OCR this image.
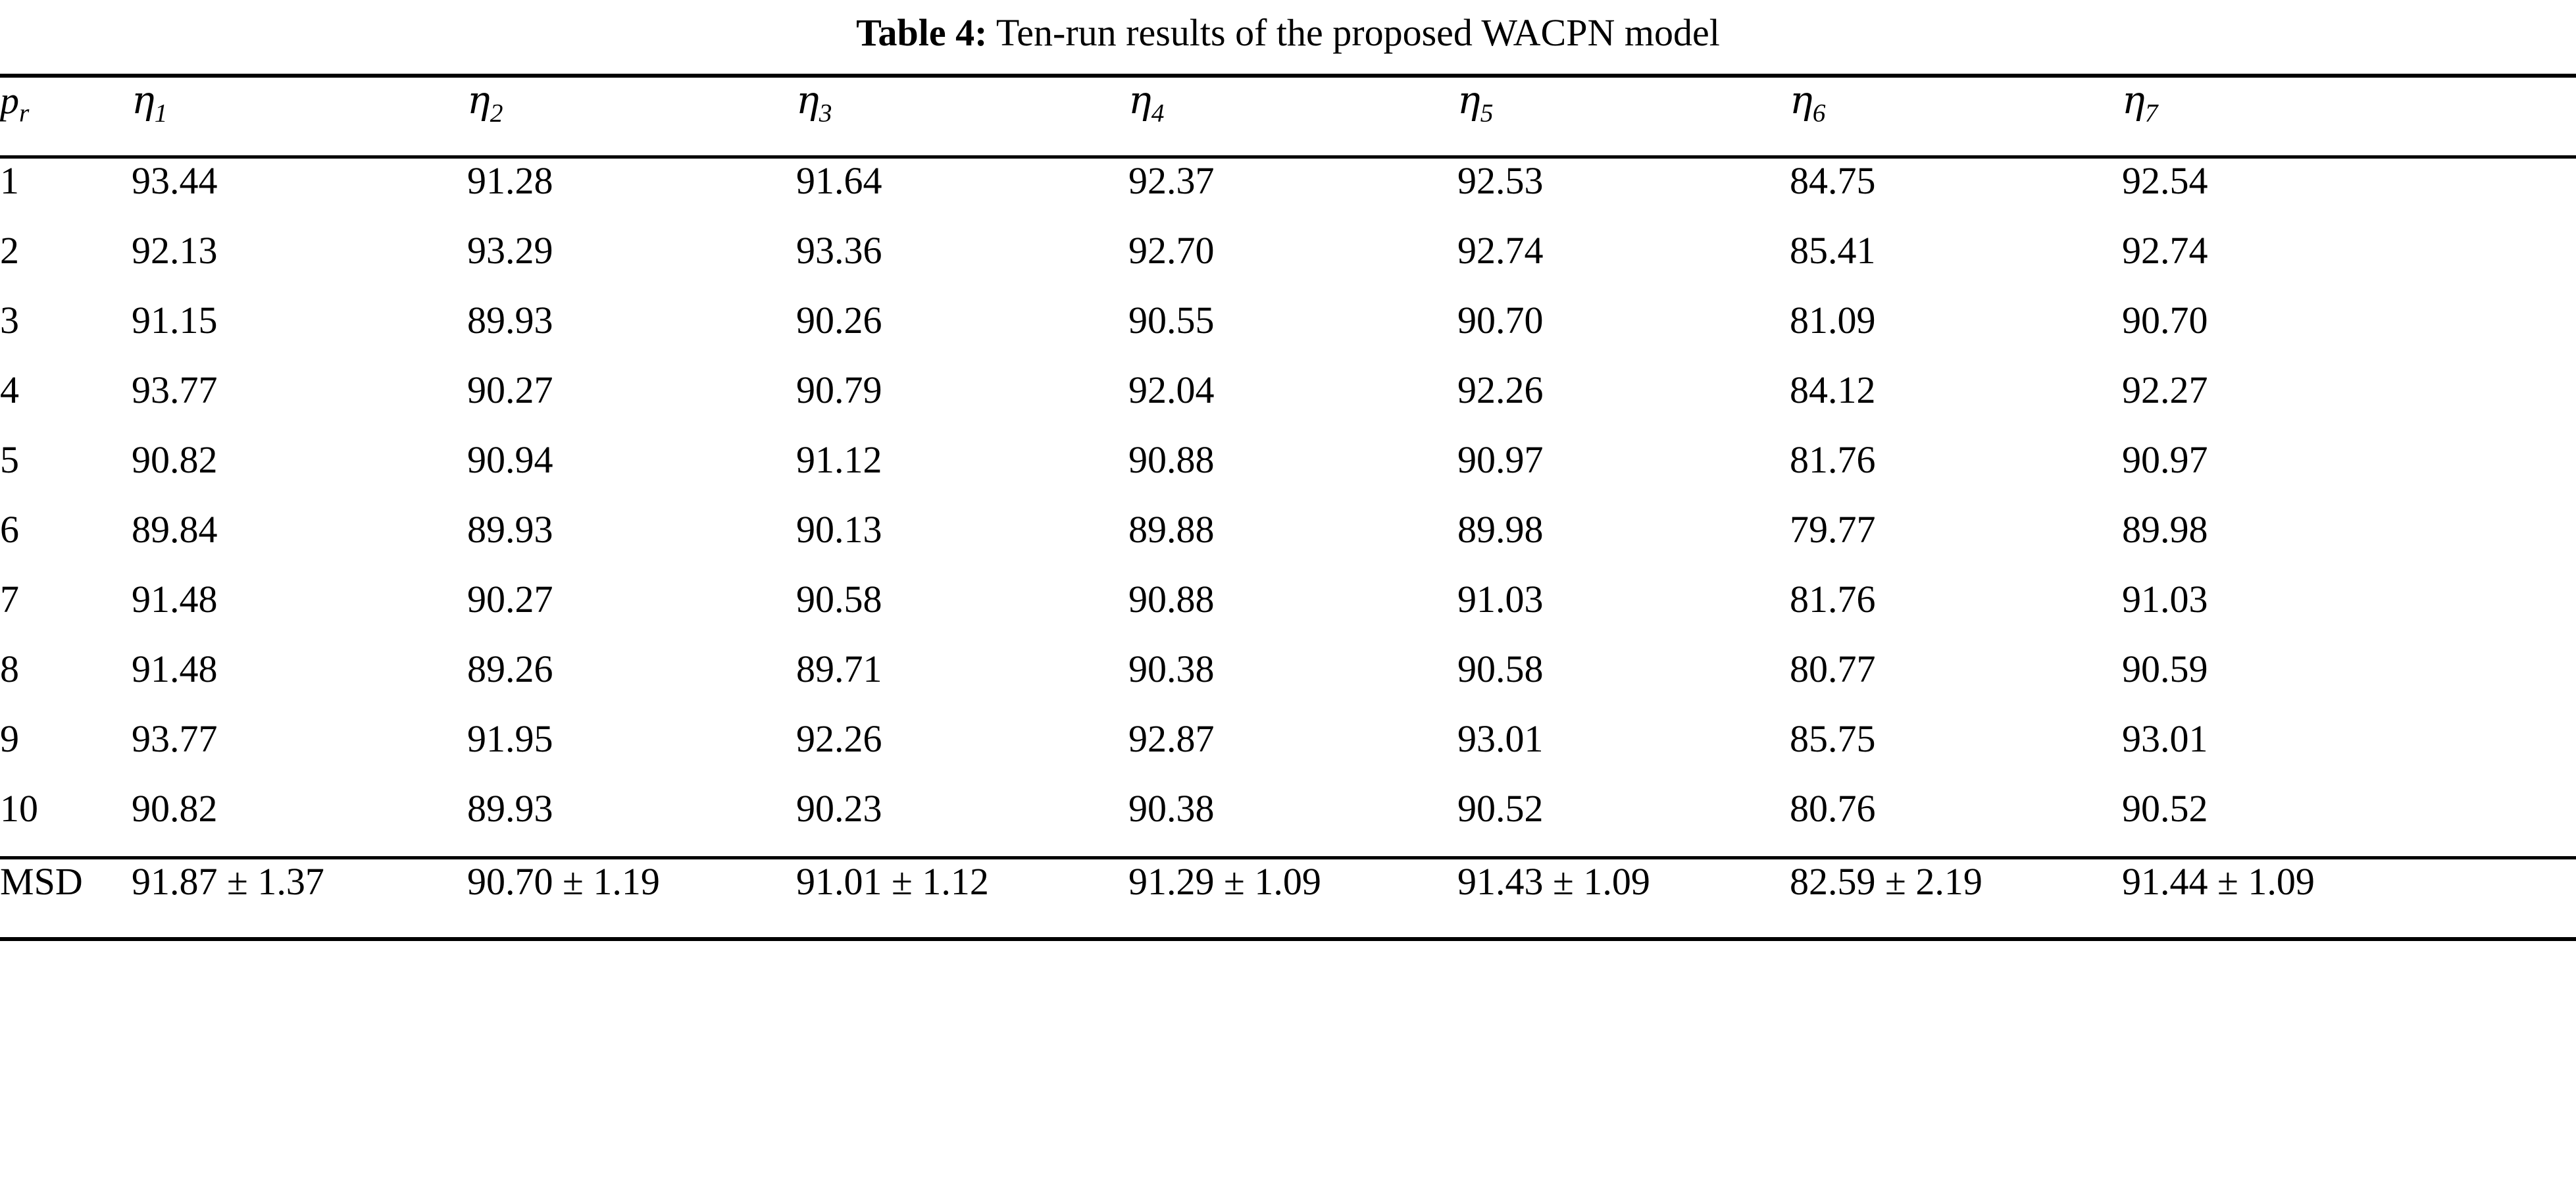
Table 4: Ten-run results of the proposed WACPN model
$p_r$	$\eta_1$	$\eta_2$	$\eta_3$	$\eta_4$	$\eta_5$	$\eta_6$	$\eta_7$
1	93.44	91.28	91.64	92.37	92.53	84.75	92.54
2	92.13	93.29	93.36	92.70	92.74	85.41	92.74
3	91.15	89.93	90.26	90.55	90.70	81.09	90.70
4	93.77	90.27	90.79	92.04	92.26	84.12	92.27
5	90.82	90.94	91.12	90.88	90.97	81.76	90.97
6	89.84	89.93	90.13	89.88	89.98	79.77	89.98
7	91.48	90.27	90.58	90.88	91.03	81.76	91.03
8	91.48	89.26	89.71	90.38	90.58	80.77	90.59
9	93.77	91.95	92.26	92.87	93.01	85.75	93.01
10	90.82	89.93	90.23	90.38	90.52	80.76	90.52
MSD	91.87 ± 1.37	90.70 ± 1.19	91.01 ± 1.12	91.29 ± 1.09	91.43 ± 1.09	82.59 ± 2.19	91.44 ± 1.09
